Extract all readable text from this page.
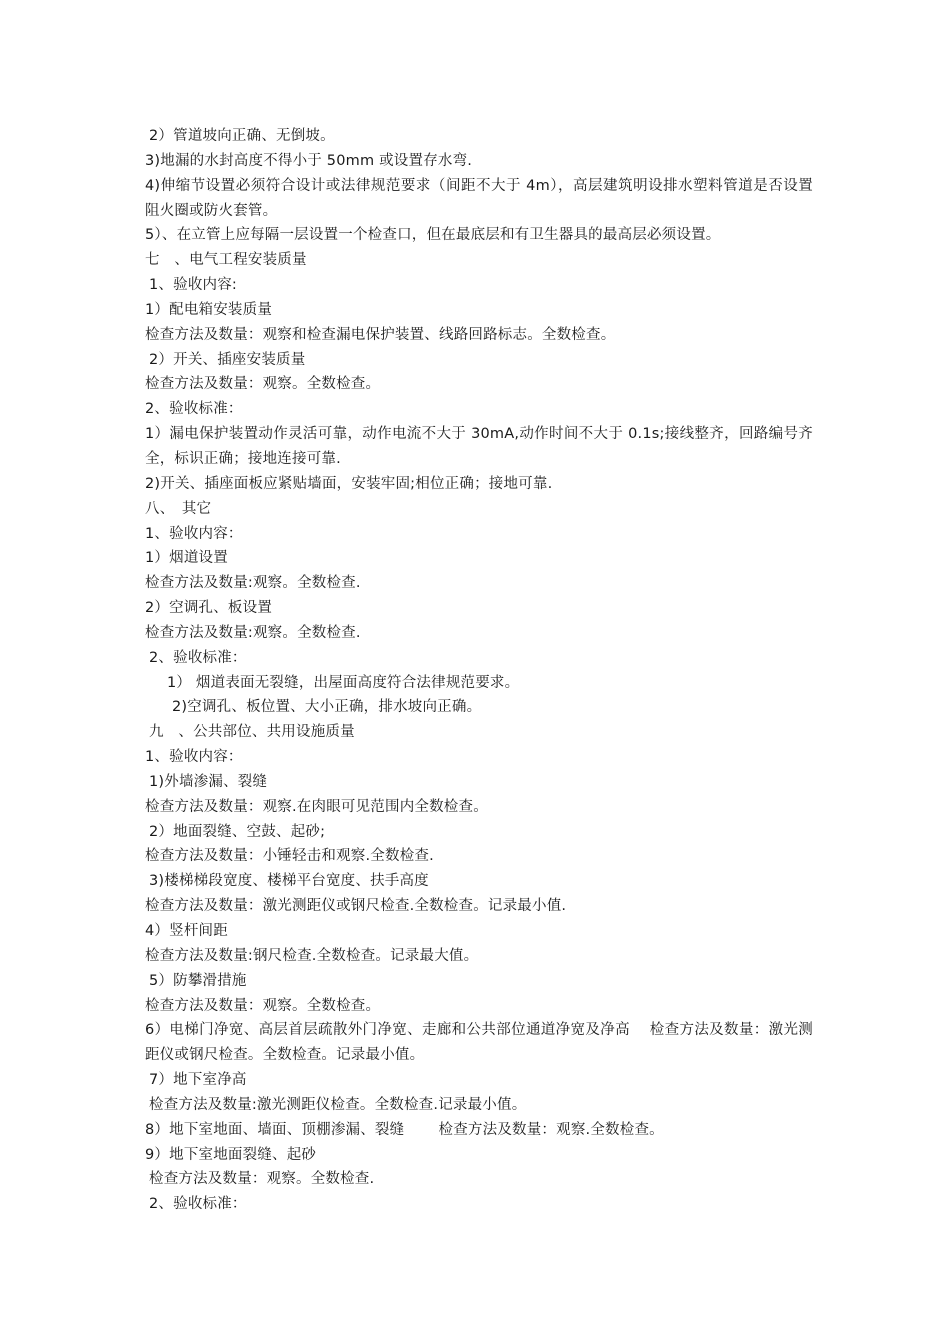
2）管道坡向正确、无倒坡。
3)地漏的水封高度不得小于 50mm 或设置存水弯.
4)伸缩节设置必须符合设计或法律规范要求（间距不大于 4m），高层建筑明设排水塑料管道是否设置阻火圈或防火套管。
5）、在立管上应每隔一层设置一个检查口，但在最底层和有卫生器具的最高层必须设置。
七　、电气工程安装质量
1、验收内容:
1）配电箱安装质量
检查方法及数量：观察和检查漏电保护装置、线路回路标志。全数检查。
2）开关、插座安装质量
检查方法及数量：观察。全数检查。
2、验收标准：
1）漏电保护装置动作灵活可靠，动作电流不大于 30mA,动作时间不大于 0.1s;接线整齐，回路编号齐全，标识正确；接地连接可靠.
2)开关、插座面板应紧贴墙面，安装牢固;相位正确；接地可靠.
八、　其它
1、验收内容：
1）烟道设置
检查方法及数量:观察。全数检查.
2）空调孔、板设置
检查方法及数量:观察。全数检查.
2、验收标准：
1） 烟道表面无裂缝，出屋面高度符合法律规范要求。
2)空调孔、板位置、大小正确，排水坡向正确。
九　、公共部位、共用设施质量
1、验收内容：
1)外墙渗漏、裂缝
检查方法及数量：观察.在肉眼可见范围内全数检查。
2）地面裂缝、空鼓、起砂;
检查方法及数量：小锤轻击和观察.全数检查.
3)楼梯梯段宽度、楼梯平台宽度、扶手高度
检查方法及数量：激光测距仪或钢尺检查.全数检查。记录最小值.
4）竖杆间距
检查方法及数量:钢尺检查.全数检查。记录最大值。
5）防攀滑措施
检查方法及数量：观察。全数检查。
6）电梯门净宽、高层首层疏散外门净宽、走廊和公共部位通道净宽及净高　 检查方法及数量：激光测距仪或钢尺检查。全数检查。记录最小值。
7）地下室净高
检查方法及数量:激光测距仪检查。全数检查.记录最小值。
8）地下室地面、墙面、顶棚渗漏、裂缝　　 检查方法及数量：观察.全数检查。
9）地下室地面裂缝、起砂
检查方法及数量：观察。全数检查.
2、验收标准：
